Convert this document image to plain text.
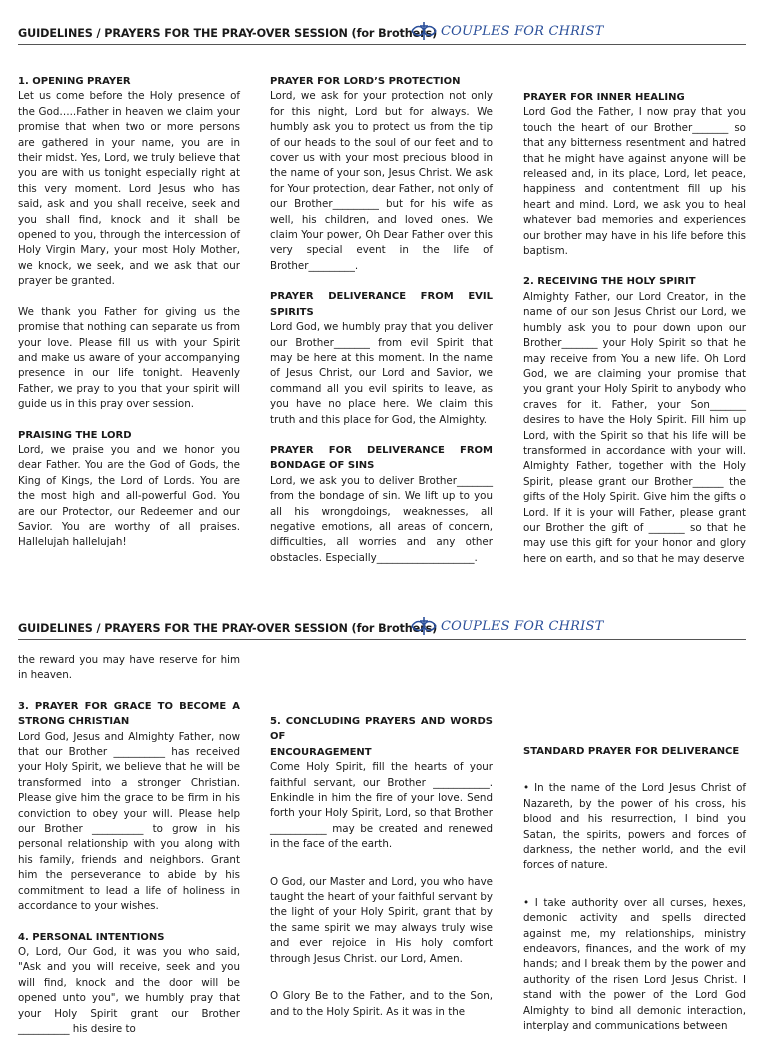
GUIDELINES / PRAYERS FOR THE PRAY-OVER SESSION (for Brothers) COUPLES FOR CHRIST

1. OPENING PRAYER

Let us come before the Holy presence of the God…..Father in heaven we claim your promise that when two or more persons are gathered in your name, you are in their midst. Yes, Lord, we truly believe that you are with us tonight especially right at this very moment. Lord Jesus who has said, ask and you shall receive, seek and you shall find, knock and it shall be opened to you, through the intercession of Holy Virgin Mary, your most Holy Mother, we knock, we seek, and we ask that our prayer be granted.

We thank you Father for giving us the promise that nothing can separate us from your love. Please fill us with your Spirit and make us aware of your accompanying presence in our life tonight. Heavenly Father, we pray to you that your spirit will guide us in this pray over session.

PRAISING THE LORD

Lord, we praise you and we honor you dear Father. You are the God of Gods, the King of Kings, the Lord of Lords. You are the most high and all-powerful God. You are our Protector, our Redeemer and our Savior. You are worthy of all praises. Hallelujah hallelujah!

PRAYER FOR LORD’S PROTECTION

Lord, we ask for your protection not only for this night, Lord but for always. We humbly ask you to protect us from the tip of our heads to the soul of our feet and to cover us with your most precious blood in the name of your son, Jesus Christ. We ask for Your protection, dear Father, not only of our Brother_________ but for his wife as well, his children, and loved ones. We claim Your power, Oh Dear Father over this very special event in the life of Brother_________.

PRAYER DELIVERANCE FROM EVIL SPIRITS

Lord God, we humbly pray that you deliver our Brother_______ from evil Spirit that may be here at this moment. In the name of Jesus Christ, our Lord and Savior, we command all you evil spirits to leave, as you have no place here. We claim this truth and this place for God, the Almighty.

PRAYER FOR DELIVERANCE FROM BONDAGE OF SINS

Lord, we ask you to deliver Brother_______ from the bondage of sin. We lift up to you all his wrongdoings, weaknesses, all negative emotions, all areas of concern, difficulties, all worries and any other obstacles. Especially___________________.

PRAYER FOR INNER HEALING

Lord God the Father, I now pray that you touch the heart of our Brother_______ so that any bitterness resentment and hatred that he might have against anyone will be released and, in its place, Lord, let peace, happiness and contentment fill up his heart and mind. Lord, we ask you to heal whatever bad memories and experiences our brother may have in his life before this baptism.

2. RECEIVING THE HOLY SPIRIT

Almighty Father, our Lord Creator, in the name of our son Jesus Christ our Lord, we humbly ask you to pour down upon our Brother_______ your Holy Spirit so that he may receive from You a new life. Oh Lord God, we are claiming your promise that you grant your Holy Spirit to anybody who craves for it. Father, your Son_______ desires to have the Holy Spirit. Fill him up Lord, with the Spirit so that his life will be transformed in accordance with your will. Almighty Father, together with the Holy Spirit, please grant our Brother______ the gifts of the Holy Spirit. Give him the gifts o Lord. If it is your will Father, please grant our Brother the gift of _______ so that he may use this gift for your honor and glory here on earth, and so that he may deserve

GUIDELINES / PRAYERS FOR THE PRAY-OVER SESSION (for Brothers) COUPLES FOR CHRIST

the reward you may have reserve for him in heaven.

3. PRAYER FOR GRACE TO BECOME A STRONG CHRISTIAN

Lord God, Jesus and Almighty Father, now that our Brother __________ has received your Holy Spirit, we believe that he will be transformed into a stronger Christian. Please give him the grace to be firm in his conviction to obey your will. Please help our Brother __________ to grow in his personal relationship with you along with his family, friends and neighbors. Grant him the perseverance to abide by his commitment to lead a life of holiness in accordance to your wishes.

4. PERSONAL INTENTIONS

O, Lord, Our God, it was you who said, "Ask and you will receive, seek and you will find, knock and the door will be opened unto you", we humbly pray that your Holy Spirit grant our Brother __________ his desire to

5. CONCLUDING PRAYERS AND WORDS OF

ENCOURAGEMENT

Come Holy Spirit, fill the hearts of your faithful servant, our Brother ___________. Enkindle in him the fire of your love. Send forth your Holy Spirit, Lord, so that Brother ___________ may be created and renewed in the face of the earth.

O God, our Master and Lord, you who have taught the heart of your faithful servant by the light of your Holy Spirit, grant that by the same spirit we may always truly wise and ever rejoice in His holy comfort through Jesus Christ. our Lord, Amen.

O Glory Be to the Father, and to the Son, and to the Holy Spirit. As it was in the

STANDARD PRAYER FOR DELIVERANCE

• In the name of the Lord Jesus Christ of Nazareth, by the power of his cross, his blood and his resurrection, I bind you Satan, the spirits, powers and forces of darkness, the nether world, and the evil forces of nature.

• I take authority over all curses, hexes, demonic activity and spells directed against me, my relationships, ministry endeavors, finances, and the work of my hands; and I break them by the power and authority of the risen Lord Jesus Christ. I stand with the power of the Lord God Almighty to bind all demonic interaction, interplay and communications between
